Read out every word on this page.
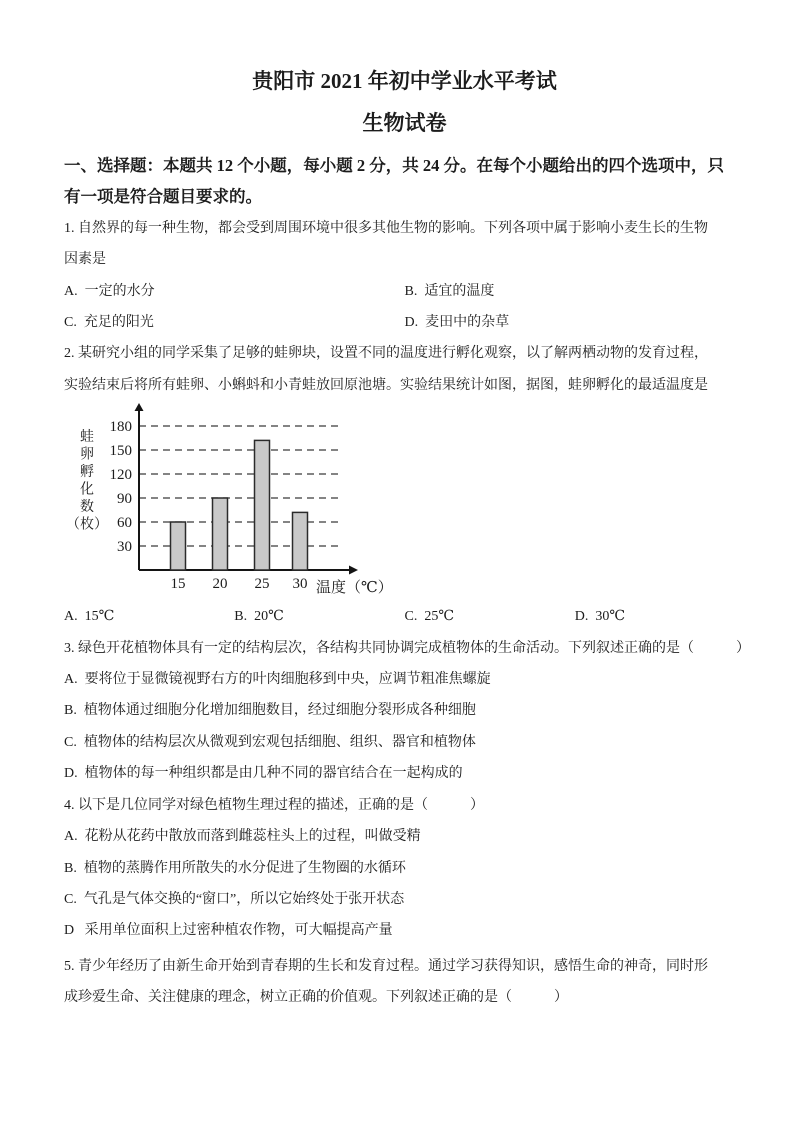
贵阳市 2021 年初中学业水平考试
生物试卷

一、选择题：本题共 12 个小题，每小题 2 分，共 24 分。在每个小题给出的四个选项中，只

有一项是符合题目要求的。

1. 自然界的每一种生物，都会受到周围环境中很多其他生物的影响。下列各项中属于影响小麦生长的生物

因素是

A.  一定的水分	B.  适宜的温度
C.  充足的阳光	D.  麦田中的杂草

2. 某研究小组的同学采集了足够的蛙卵块，设置不同的温度进行孵化观察，以了解两栖动物的发育过程，

实验结束后将所有蛙卵、小蝌蚪和小青蛙放回原池塘。实验结果统计如图，据图，蛙卵孵化的最适温度是

30
60
90
120
150
180
15 20 25 30 温度（℃）
蛙
卵
孵
化
数
（枚）
A.  15℃	B.  20℃	C.  25℃	D.  30℃

3. 绿色开花植物体具有一定的结构层次，各结构共同协调完成植物体的生命活动。下列叙述正确的是（　　　）

A.  要将位于显微镜视野右方的叶肉细胞移到中央，应调节粗准焦螺旋

B.  植物体通过细胞分化增加细胞数目，经过细胞分裂形成各种细胞

C.  植物体的结构层次从微观到宏观包括细胞、组织、器官和植物体

D.  植物体的每一种组织都是由几种不同的器官结合在一起构成的

4. 以下是几位同学对绿色植物生理过程的描述，正确的是（　　　）

A.  花粉从花药中散放而落到雌蕊柱头上的过程，叫做受精

B.  植物的蒸腾作用所散失的水分促进了生物圈的水循环

C.  气孔是气体交换的“窗口”，所以它始终处于张开状态

D   采用单位面积上过密种植农作物，可大幅提高产量

5. 青少年经历了由新生命开始到青春期的生长和发育过程。通过学习获得知识，感悟生命的神奇，同时形

成珍爱生命、关注健康的理念，树立正确的价值观。下列叙述正确的是（　　　）
